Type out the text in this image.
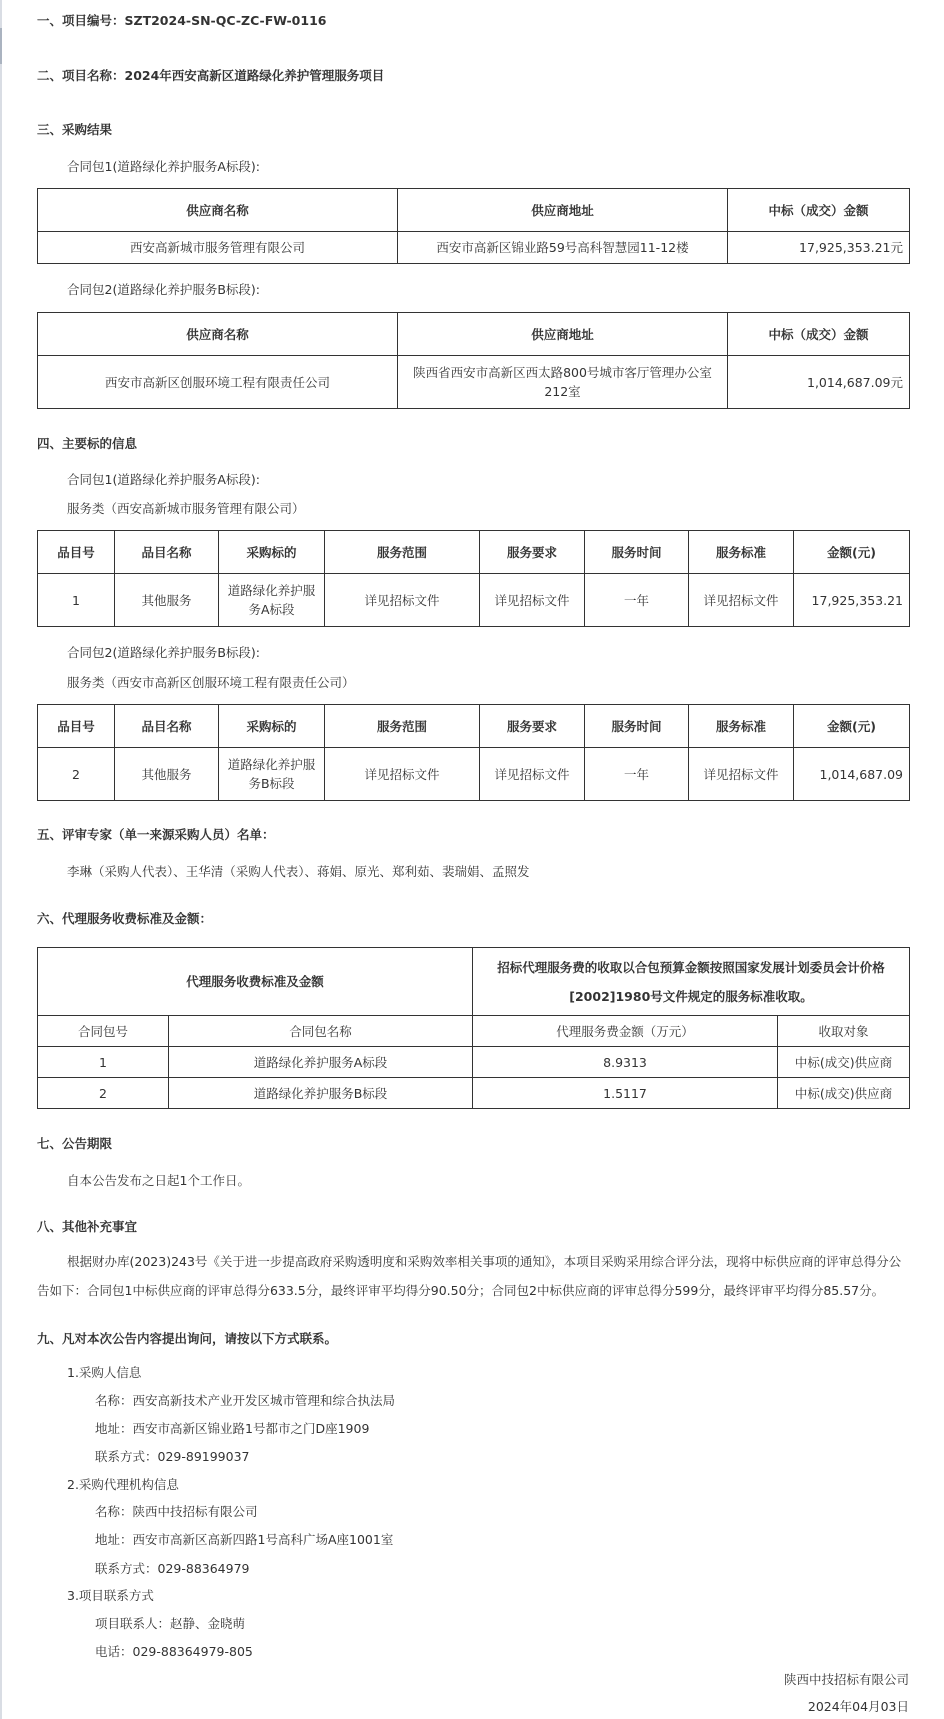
一、项目编号：SZT2024-SN-QC-ZC-FW-0116
二、项目名称：2024年西安高新区道路绿化养护管理服务项目
三、采购结果
合同包1(道路绿化养护服务A标段):
供应商名称	供应商地址	中标（成交）金额
西安高新城市服务管理有限公司	西安市高新区锦业路59号高科智慧园11-12楼	17,925,353.21元
合同包2(道路绿化养护服务B标段):
供应商名称	供应商地址	中标（成交）金额
西安市高新区创服环境工程有限责任公司	陕西省西安市高新区西太路800号城市客厅管理办公室212室	1,014,687.09元
四、主要标的信息
合同包1(道路绿化养护服务A标段):
服务类（西安高新城市服务管理有限公司）
品目号	品目名称	采购标的	服务范围	服务要求	服务时间	服务标准	金额(元)
1	其他服务	道路绿化养护服务A标段	详见招标文件	详见招标文件	一年	详见招标文件	17,925,353.21
合同包2(道路绿化养护服务B标段):
服务类（西安市高新区创服环境工程有限责任公司）
品目号	品目名称	采购标的	服务范围	服务要求	服务时间	服务标准	金额(元)
2	其他服务	道路绿化养护服务B标段	详见招标文件	详见招标文件	一年	详见招标文件	1,014,687.09
五、评审专家（单一来源采购人员）名单：
李琳（采购人代表）、王华清（采购人代表）、蒋娟、原光、郑利茹、裴瑞娟、孟照发
六、代理服务收费标准及金额：
代理服务收费标准及金额		招标代理服务费的收取以合包预算金额按照国家发展计划委员会计价格[2002]1980号文件规定的服务标准收取。	
合同包号	合同包名称	代理服务费金额（万元）	收取对象
1	道路绿化养护服务A标段	8.9313	中标(成交)供应商
2	道路绿化养护服务B标段	1.5117	中标(成交)供应商
七、公告期限
自本公告发布之日起1个工作日。
八、其他补充事宜
根据财办库(2023)243号《关于进一步提高政府采购透明度和采购效率相关事项的通知》，本项目采购采用综合评分法，现将中标供应商的评审总得分公告如下：合同包1中标供应商的评审总得分633.5分，最终评审平均得分90.50分；合同包2中标供应商的评审总得分599分，最终评审平均得分85.57分。
九、凡对本次公告内容提出询问，请按以下方式联系。
1.采购人信息
名称：西安高新技术产业开发区城市管理和综合执法局
地址：西安市高新区锦业路1号都市之门D座1909
联系方式：029-89199037
2.采购代理机构信息
名称：陕西中技招标有限公司
地址：西安市高新区高新四路1号高科广场A座1001室
联系方式：029-88364979
3.项目联系方式
项目联系人：赵静、金晓萌
电话：029-88364979-805
陕西中技招标有限公司
2024年04月03日
